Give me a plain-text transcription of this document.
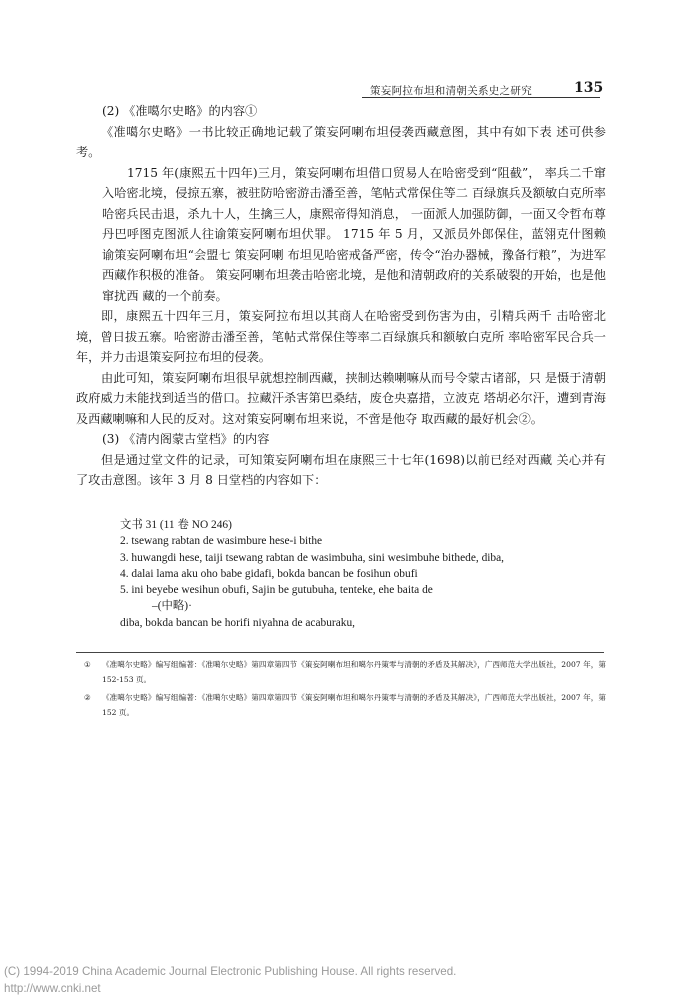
策妄阿拉布坦和清朝关系史之研究	135

(2) 《准噶尔史略》的内容①

《准噶尔史略》一书比较正确地记载了策妄阿喇布坦侵袭西藏意图，其中有如下表 述可供参考。

1715 年(康熙五十四年)三月，策妄阿喇布坦借口贸易人在哈密受到“阻截”， 率兵二千窜入哈密北境，侵掠五寨，被驻防哈密游击潘至善，笔帖式常保住等二 百绿旗兵及额敏白克所率哈密兵民击退，杀九十人，生擒三人，康熙帝得知消息， 一面派人加强防御，一面又令哲布尊丹巴呼图克图派人往谕策妄阿喇布坦伏罪。 1715 年 5 月，又派员外郎保住，蓝翎克什图赖谕策妄阿喇布坦“会盟七 策妄阿喇 布坦见哈密戒备严密，传令“治办器械，豫备行粮”，为进军西藏作积极的准备。 策妄阿喇布坦袭击哈密北境，是他和清朝政府的关系破裂的开始，也是他窜扰西 藏的一个前奏。

即，康熙五十四年三月，策妄阿拉布坦以其商人在哈密受到伤害为由，引精兵两千 击哈密北境，曾日拔五寨。哈密游击潘至善，笔帖式常保住等率二百绿旗兵和额敏白克所 率哈密军民合兵一年，并力击退策妄阿拉布坦的侵袭。

由此可知，策妄阿喇布坦很早就想控制西藏，挟制达赖喇嘛从而号令蒙古诸部，只 是慑于清朝政府威力未能找到适当的借口。拉藏汗杀害第巴桑结，废仓央嘉措，立波克 塔胡必尔汗，遭到青海及西藏喇嘛和人民的反对。这对策妄阿喇布坦来说，不啻是他夺 取西藏的最好机会②。

(3) 《清内阁蒙古堂档》的内容

但是通过堂文件的记录，可知策妄阿喇布坦在康熙三十七年(1698)以前已经对西藏 关心并有了攻击意图。该年 3 月 8 日堂档的内容如下：

文书 31 (11 卷 NO 246)
2. tsewang rabtan de wasimbure hese-i bithe
3. huwangdi hese, taiji tsewang rabtan de wasimbuha, sini wesimbuhe bithede, diba,
4. dalai lama aku oho babe gidafi, bokda bancan be fosihun obufi
5. ini beyebe wesihun obufi, Sajin be gutubuha, tenteke, ehe baita de
–(中略)·
diba, bokda bancan be horifi niyahna de acaburaku,
①	《准噶尔史略》编写组编著：《准噶尔史略》第四章第四节《策妄阿喇布坦和噶尔丹策零与清朝的矛盾及其解决》，广西师范大学出版社，2007 年，第 152-153 页。
②	《准噶尔史略》编写组编著：《准噶尔史略》第四章第四节《策妄阿喇布坦和噶尔丹策零与清朝的矛盾及其解决》，广西师范大学出版社，2007 年，第 152 页。
(C) 1994-2019 China Academic Journal Electronic Publishing House. All rights reserved.
http://www.cnki.net
